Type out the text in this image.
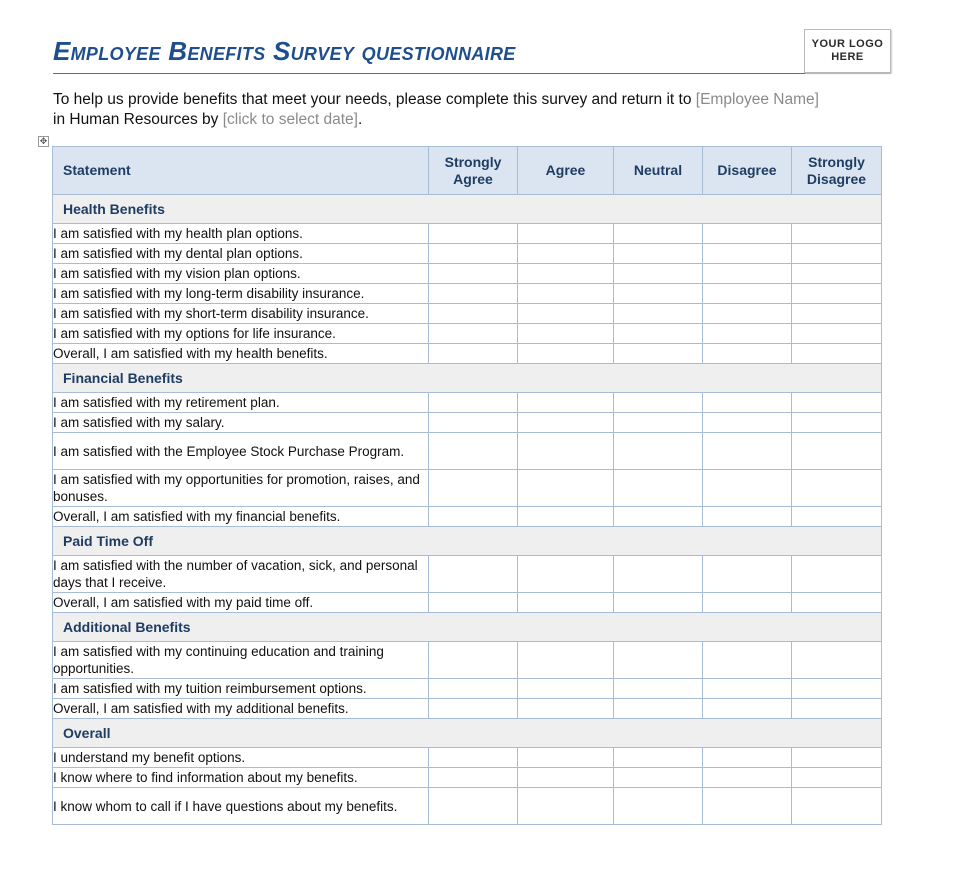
Employee Benefits Survey questionnaire	YOUR LOGO
HERE
To help us provide benefits that meet your needs, please complete this survey and return it to [Employee Name]
in Human Resources by [click to select date].
✥
Statement	Strongly Agree	Agree	Neutral	Disagree	Strongly Disagree
Health Benefits					
I am satisfied with my health plan options.					
I am satisfied with my dental plan options.					
I am satisfied with my vision plan options.					
I am satisfied with my long-term disability insurance.					
I am satisfied with my short-term disability insurance.					
I am satisfied with my options for life insurance.					
Overall, I am satisfied with my health benefits.					
Financial Benefits					
I am satisfied with my retirement plan.					
I am satisfied with my salary.					
I am satisfied with the Employee Stock Purchase Program.					
I am satisfied with my opportunities for promotion, raises, and bonuses.					
Overall, I am satisfied with my financial benefits.					
Paid Time Off					
I am satisfied with the number of vacation, sick, and personal days that I receive.					
Overall, I am satisfied with my paid time off.					
Additional Benefits					
I am satisfied with my continuing education and training opportunities.					
I am satisfied with my tuition reimbursement options.					
Overall, I am satisfied with my additional benefits.					
Overall					
I understand my benefit options.					
I know where to find information about my benefits.					
I know whom to call if I have questions about my benefits.					
